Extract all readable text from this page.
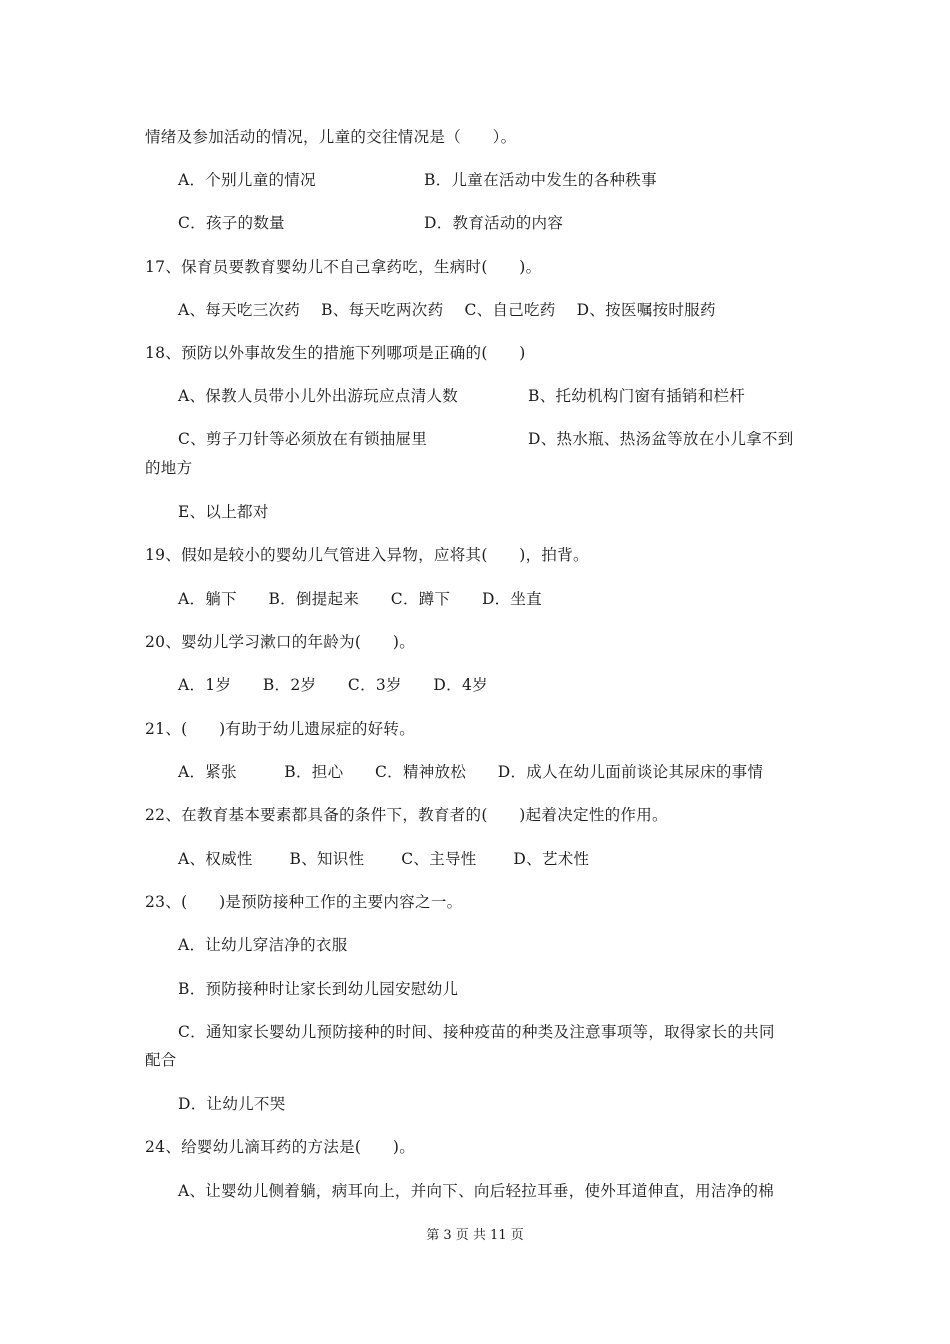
情绪及参加活动的情况，儿童的交往情况是（　　）。
A．个别儿童的情况	B．儿童在活动中发生的各种秩事
C．孩子的数量	D．教育活动的内容
17、保育员要教育婴幼儿不自己拿药吃，生病时(　　)。
A、每天吃三次药　 B、每天吃两次药　 C、自己吃药　 D、按医嘱按时服药
18、预防以外事故发生的措施下列哪项是正确的(　　)
A、保教人员带小儿外出游玩应点清人数	B、托幼机构门窗有插销和栏杆
C、剪子刀针等必须放在有锁抽屉里	D、热水瓶、热汤盆等放在小儿拿不到
的地方
E、以上都对
19、假如是较小的婴幼儿气管进入异物，应将其(　　)，拍背。
A．躺下　　B．倒提起来　　C．蹲下　　D．坐直
20、婴幼儿学习漱口的年龄为(　　)。
A．1岁　　B．2岁　　C．3岁　　D．4岁
21、(　　)有助于幼儿遗尿症的好转。
A．紧张　　　B．担心　　C．精神放松　　D．成人在幼儿面前谈论其尿床的事情
22、在教育基本要素都具备的条件下，教育者的(　　)起着决定性的作用。
A、权威性　　 B、知识性　　 C、主导性　　 D、艺术性
23、(　　)是预防接种工作的主要内容之一。
A．让幼儿穿洁净的衣服
B．预防接种时让家长到幼儿园安慰幼儿
C．通知家长婴幼儿预防接种的时间、接种疫苗的种类及注意事项等，取得家长的共同
配合
D．让幼儿不哭
24、给婴幼儿滴耳药的方法是(　　)。
A、让婴幼儿侧着躺，病耳向上，并向下、向后轻拉耳垂，使外耳道伸直，用洁净的棉
第 3 页 共 11 页
